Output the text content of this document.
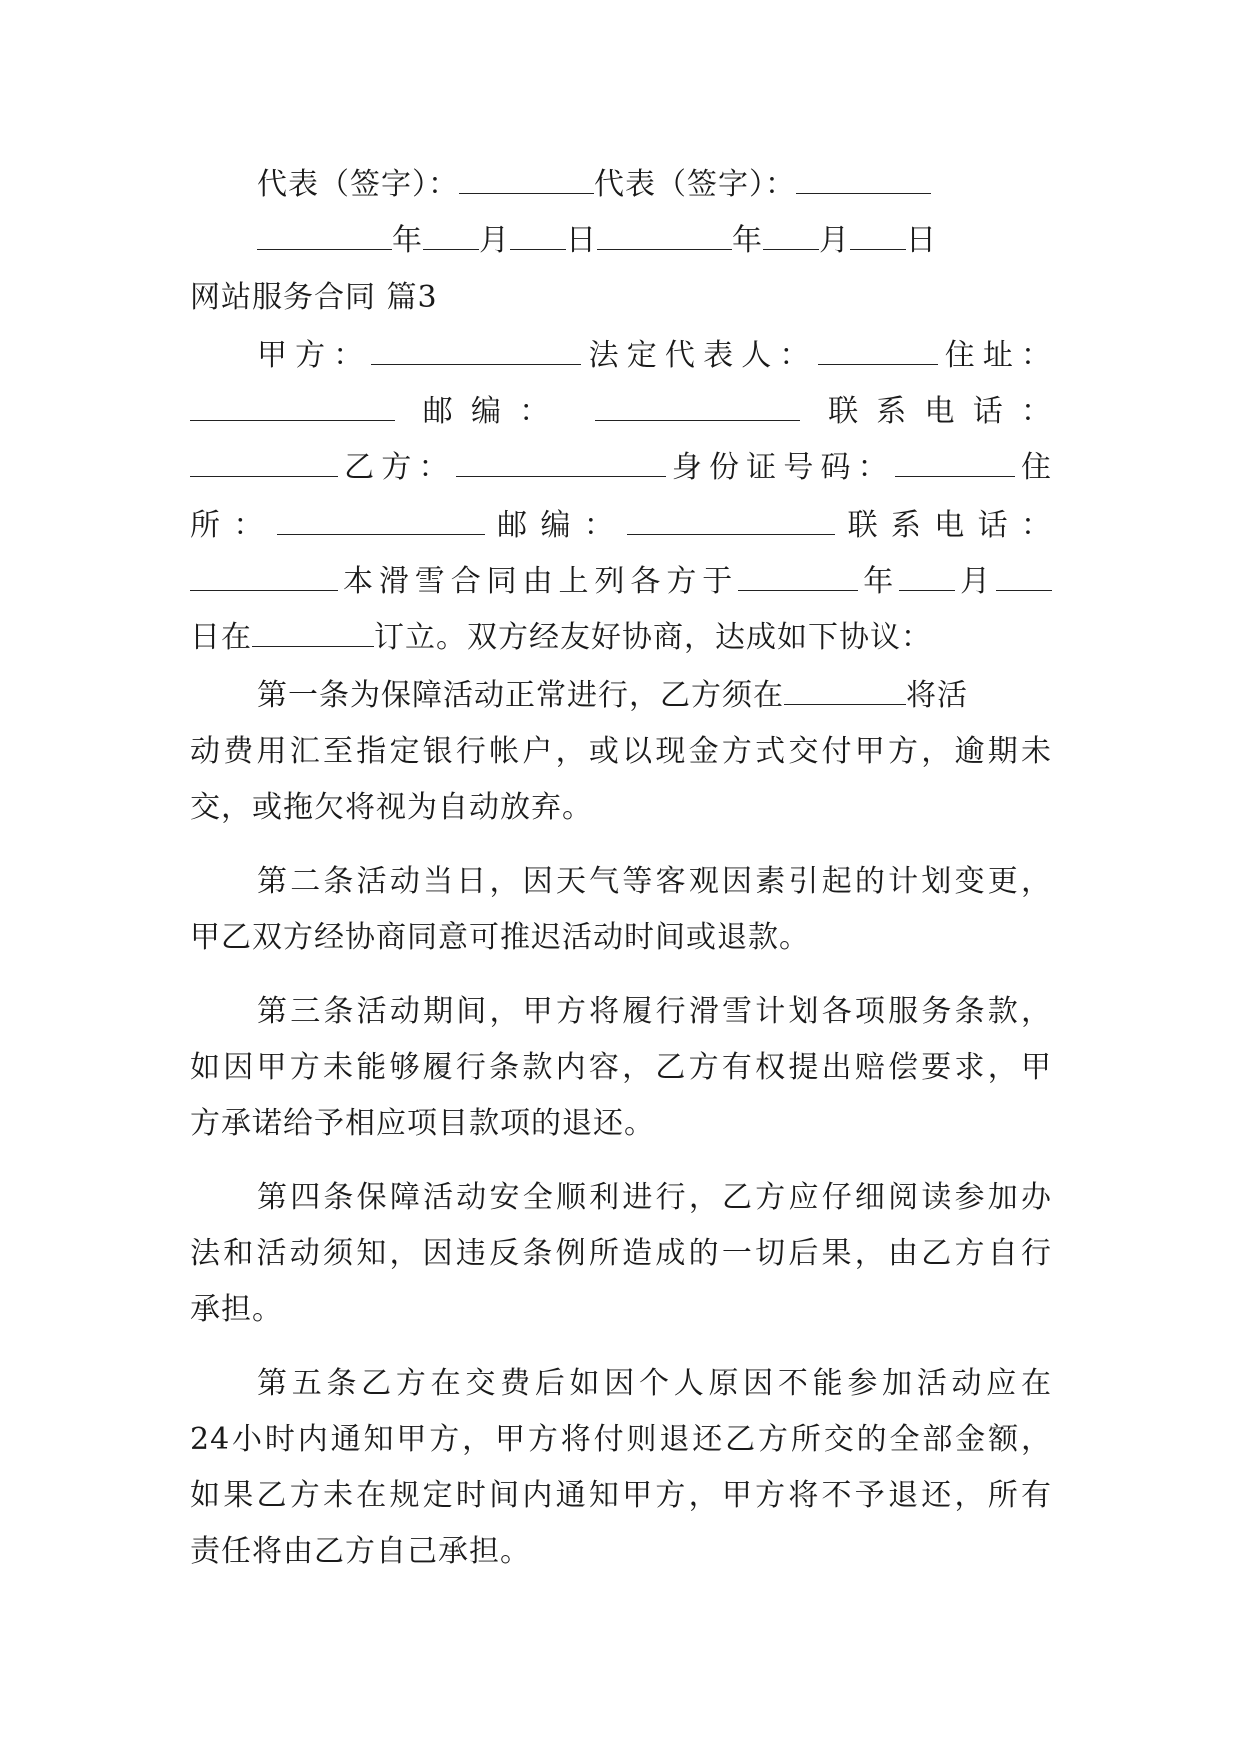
代表（签字）：	代表（签字）：
年 月 日	年 月 日
网站服务合同 篇3
甲方：	法定代表人：	住址：
邮编：	联系电话：
乙方：	身份证号码：	住
所：	邮编：	联系电话：
本滑雪合同由上列各方于	年 月
日在	订立。双方经友好协商，达成如下协议：
第一条为保障活动正常进行，乙方须在	将活
动费用汇至指定银行帐户，或以现金方式交付甲方，逾期未
交，或拖欠将视为自动放弃。
第二条活动当日，因天气等客观因素引起的计划变更，
甲乙双方经协商同意可推迟活动时间或退款。
第三条活动期间，甲方将履行滑雪计划各项服务条款，
如因甲方未能够履行条款内容，乙方有权提出赔偿要求，甲
方承诺给予相应项目款项的退还。
第四条保障活动安全顺利进行，乙方应仔细阅读参加办
法和活动须知，因违反条例所造成的一切后果，由乙方自行
承担。
第五条乙方在交费后如因个人原因不能参加活动应在
24小时内通知甲方，甲方将付则退还乙方所交的全部金额，
如果乙方未在规定时间内通知甲方，甲方将不予退还，所有
责任将由乙方自己承担。
